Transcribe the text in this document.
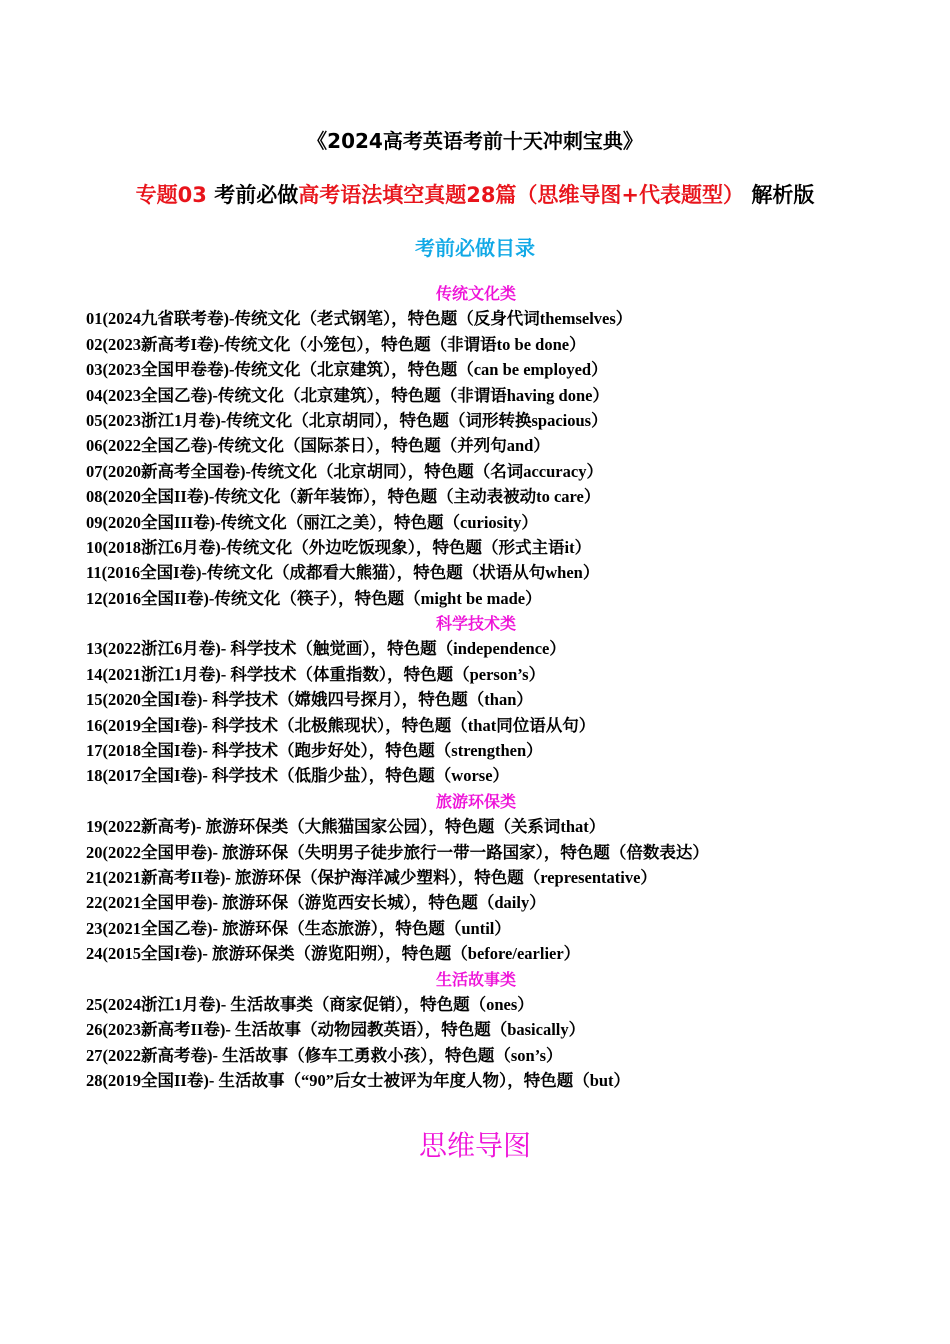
《2024高考英语考前十天冲刺宝典》
专题03 考前必做高考语法填空真题28篇（思维导图+代表题型） 解析版
考前必做目录
传统文化类
01(2024九省联考卷)-传统文化（老式钢笔），特色题（反身代词themselves）
02(2023新高考I卷)-传统文化（小笼包），特色题（非谓语to be done）
03(2023全国甲卷卷)-传统文化（北京建筑），特色题（can be employed）
04(2023全国乙卷)-传统文化（北京建筑），特色题（非谓语having done）
05(2023浙江1月卷)-传统文化（北京胡同），特色题（词形转换spacious）
06(2022全国乙卷)-传统文化（国际茶日），特色题（并列句and）
07(2020新高考全国卷)-传统文化（北京胡同），特色题（名词accuracy）
08(2020全国II卷)-传统文化（新年装饰），特色题（主动表被动to care）
09(2020全国III卷)-传统文化（丽江之美），特色题（curiosity）
10(2018浙江6月卷)-传统文化（外边吃饭现象），特色题（形式主语it）
11(2016全国I卷)-传统文化（成都看大熊猫），特色题（状语从句when）
12(2016全国II卷)-传统文化（筷子），特色题（might be made）
科学技术类
13(2022浙江6月卷)- 科学技术（触觉画），特色题（independence）
14(2021浙江1月卷)- 科学技术（体重指数），特色题（person’s）
15(2020全国I卷)- 科学技术（嫦娥四号探月），特色题（than）
16(2019全国I卷)- 科学技术（北极熊现状），特色题（that同位语从句）
17(2018全国I卷)- 科学技术（跑步好处），特色题（strengthen）
18(2017全国I卷)- 科学技术（低脂少盐），特色题（worse）
旅游环保类
19(2022新高考)- 旅游环保类（大熊猫国家公园），特色题（关系词that）
20(2022全国甲卷)- 旅游环保（失明男子徒步旅行一带一路国家），特色题（倍数表达）
21(2021新高考II卷)- 旅游环保（保护海洋减少塑料），特色题（representative）
22(2021全国甲卷)- 旅游环保（游览西安长城），特色题（daily）
23(2021全国乙卷)- 旅游环保（生态旅游），特色题（until）
24(2015全国I卷)- 旅游环保类（游览阳朔），特色题（before/earlier）
生活故事类
25(2024浙江1月卷)- 生活故事类（商家促销），特色题（ones）
26(2023新高考II卷)- 生活故事（动物园教英语），特色题（basically）
27(2022新高考卷)- 生活故事（修车工勇救小孩），特色题（son’s）
28(2019全国II卷)- 生活故事（“90”后女士被评为年度人物），特色题（but）
思维导图
